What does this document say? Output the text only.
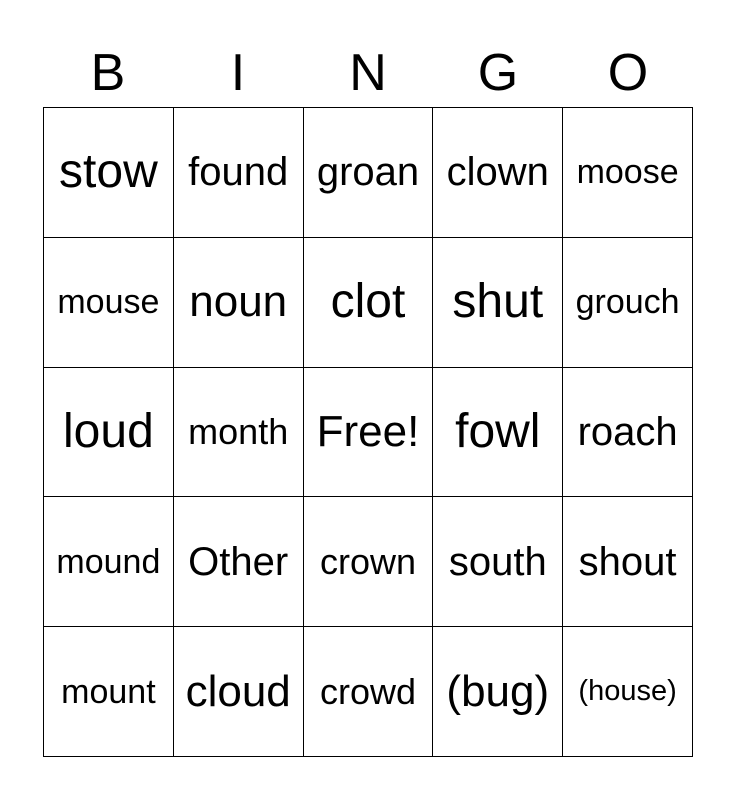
B	I	N	G	O
stow found groan clown moose
mouse noun clot shut grouch
loud month Free! fowl roach
mound Other crown south shout
mount cloud crowd (bug)	(house)
